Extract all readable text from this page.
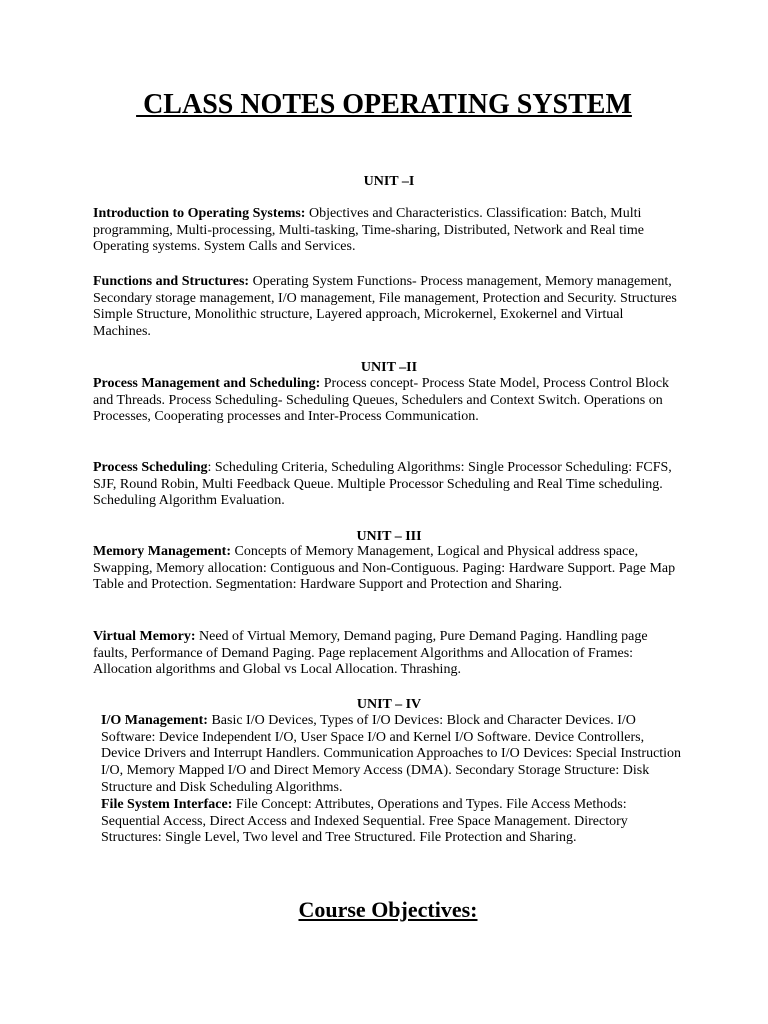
CLASS NOTES OPERATING SYSTEM
UNIT –I

Introduction to Operating Systems: Objectives and Characteristics. Classification: Batch, Multi programming, Multi-processing, Multi-tasking, Time-sharing, Distributed, Network and Real time Operating systems. System Calls and Services.

Functions and Structures: Operating System Functions- Process management, Memory management, Secondary storage management, I/O management, File management, Protection and Security. Structures Simple Structure, Monolithic structure, Layered approach, Microkernel, Exokernel and Virtual Machines.

UNIT –II

Process Management and Scheduling: Process concept- Process State Model, Process Control Block and Threads. Process Scheduling- Scheduling Queues, Schedulers and Context Switch. Operations on Processes, Cooperating processes and Inter-Process Communication.

Process Scheduling: Scheduling Criteria, Scheduling Algorithms: Single Processor Scheduling: FCFS, SJF, Round Robin, Multi Feedback Queue. Multiple Processor Scheduling and Real Time scheduling. Scheduling Algorithm Evaluation.

UNIT – III

Memory Management: Concepts of Memory Management, Logical and Physical address space, Swapping, Memory allocation: Contiguous and Non-Contiguous. Paging: Hardware Support. Page Map Table and Protection. Segmentation: Hardware Support and Protection and Sharing.

Virtual Memory: Need of Virtual Memory, Demand paging, Pure Demand Paging. Handling page faults, Performance of Demand Paging. Page replacement Algorithms and Allocation of Frames: Allocation algorithms and Global vs Local Allocation. Thrashing.

UNIT – IV

I/O Management: Basic I/O Devices, Types of I/O Devices: Block and Character Devices. I/O Software: Device Independent I/O, User Space I/O and Kernel I/O Software. Device Controllers, Device Drivers and Interrupt Handlers. Communication Approaches to I/O Devices: Special Instruction I/O, Memory Mapped I/O and Direct Memory Access (DMA). Secondary Storage Structure: Disk Structure and Disk Scheduling Algorithms.

File System Interface: File Concept: Attributes, Operations and Types. File Access Methods: Sequential Access, Direct Access and Indexed Sequential. Free Space Management. Directory Structures: Single Level, Two level and Tree Structured. File Protection and Sharing.

Course Objectives:
